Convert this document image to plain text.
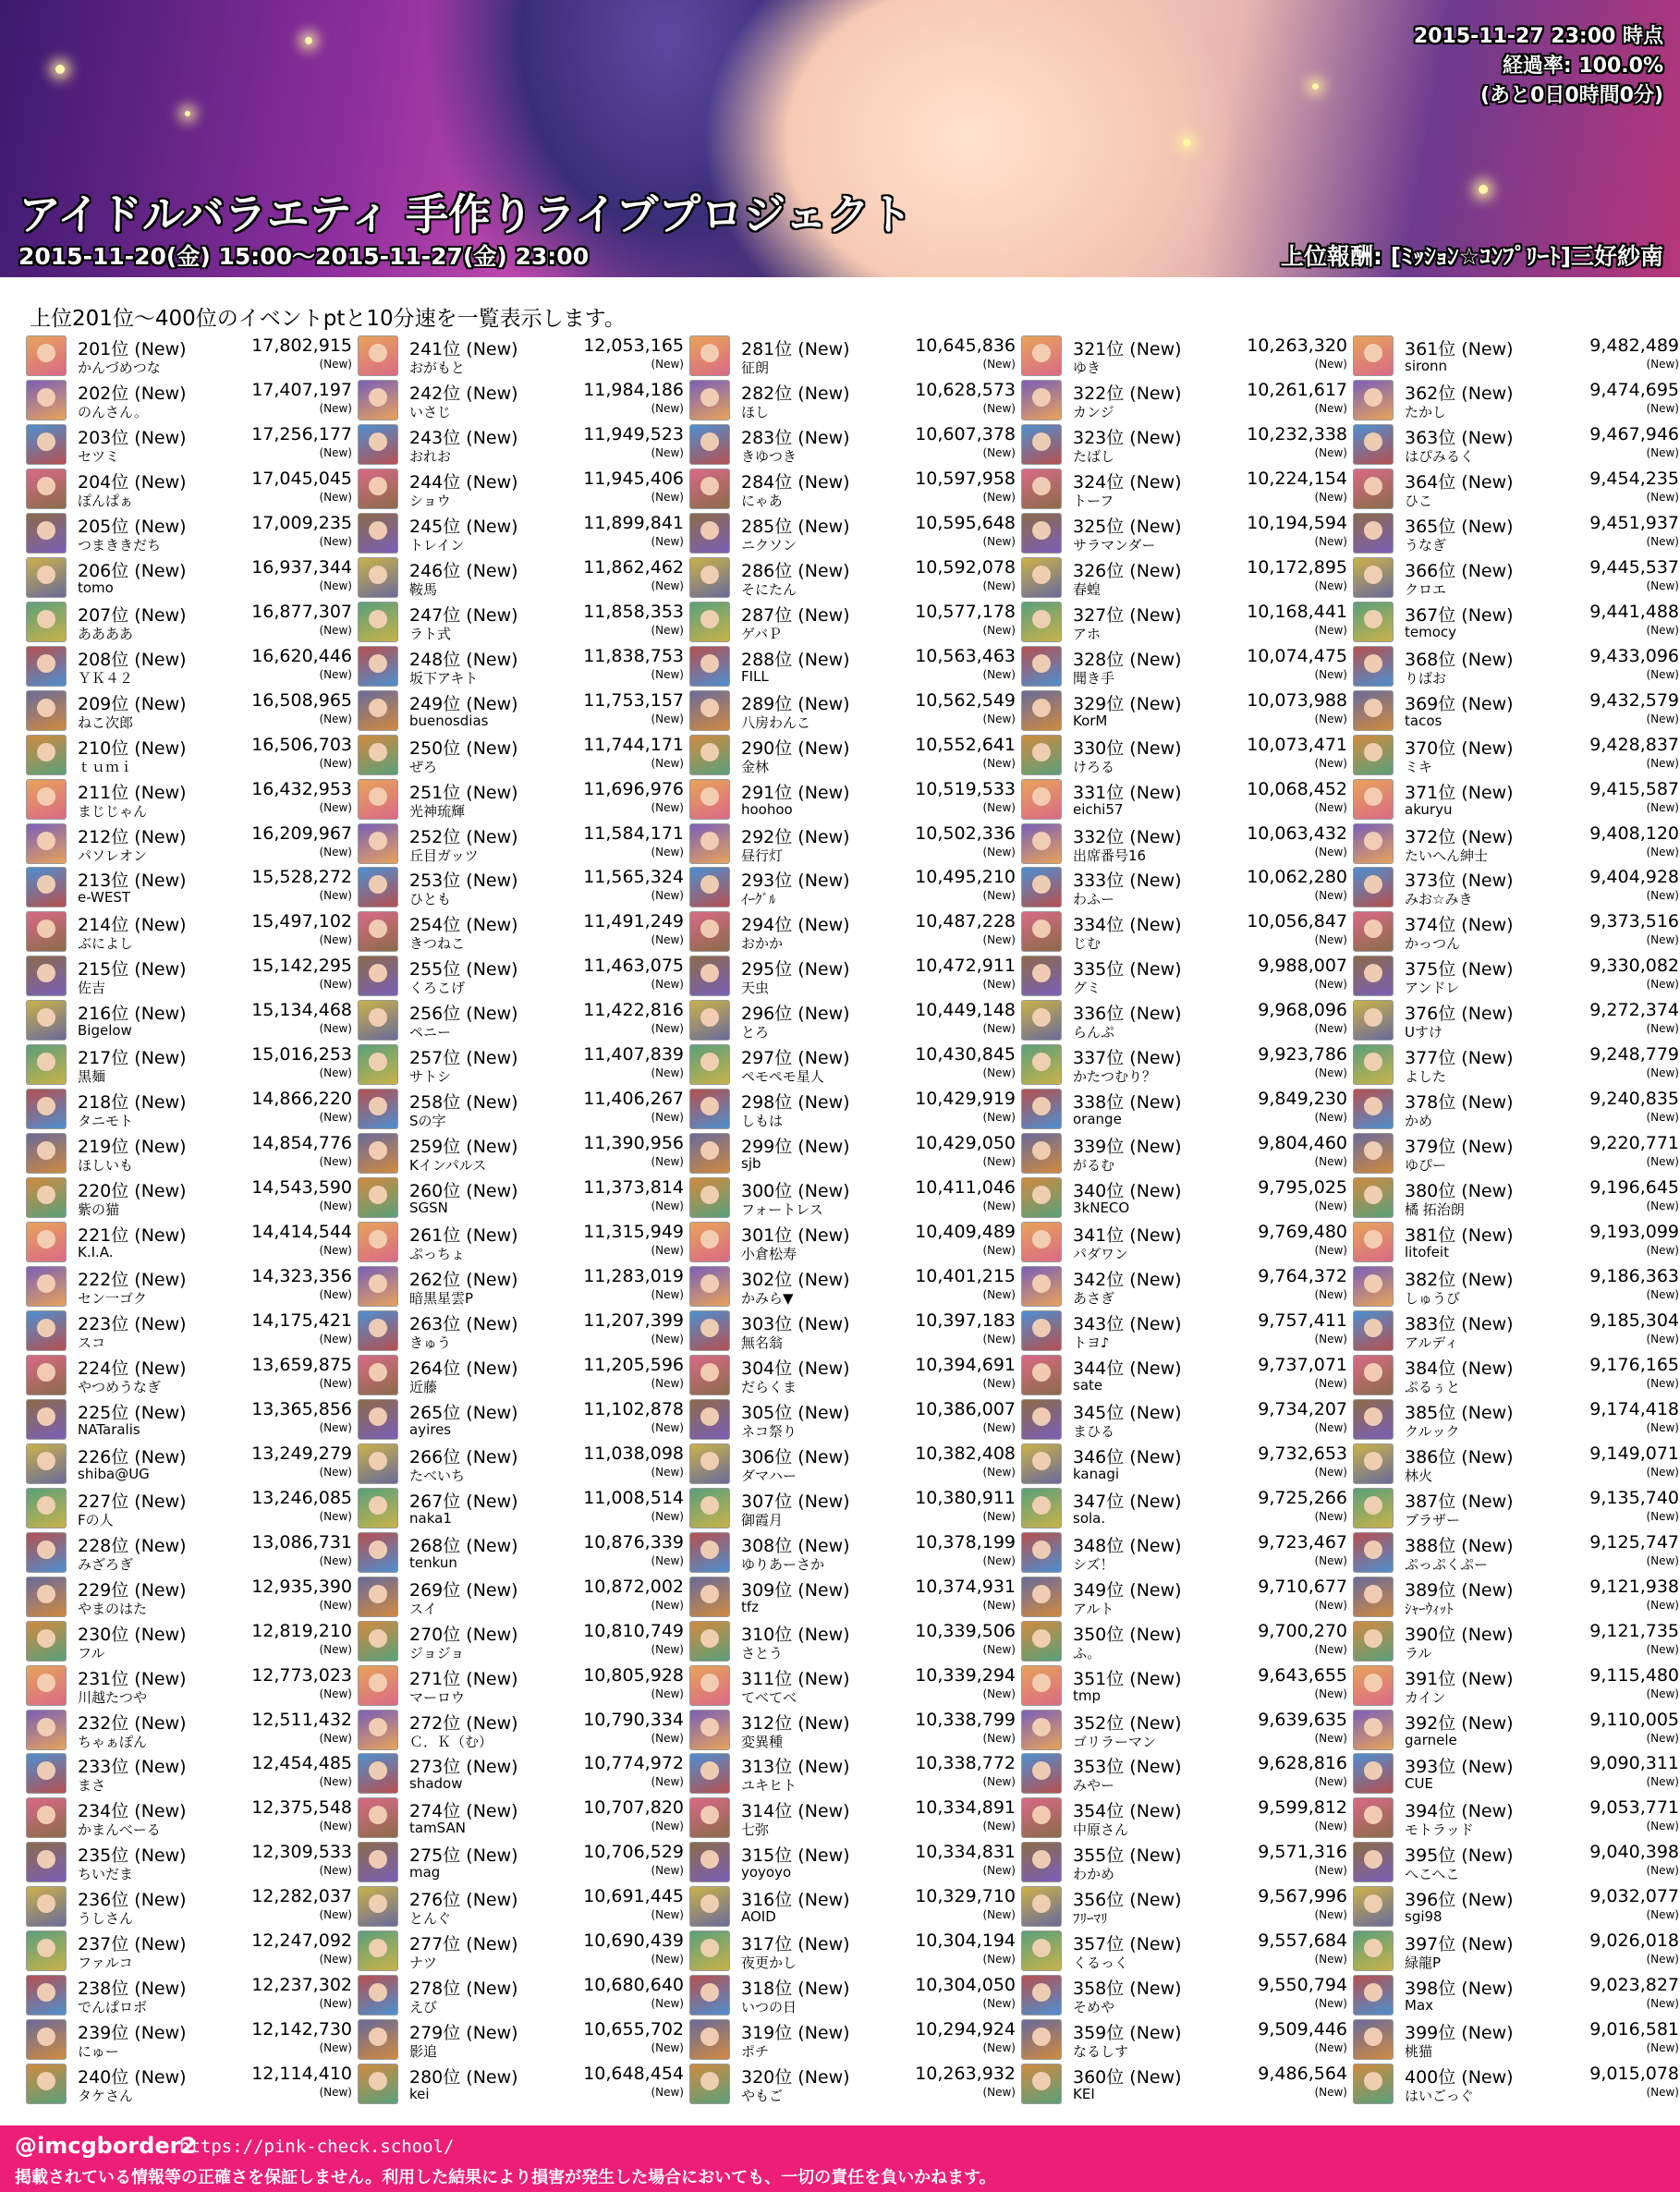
アイドルバラエティ 手作りライブプロジェクト
2015-11-20(金) 15:00～2015-11-27(金) 23:00	上位報酬: [ﾐｯｼｮﾝ☆ｺﾝﾌﾟﾘｰﾄ]三好紗南
2015-11-27 23:00 時点
経過率: 100.0%
(あと0日0時間0分)
上位201位～400位のイベントptと10分速を一覧表示します。
201位 (New)	17,802,915
かんづめつな	(New)
202位 (New)	17,407,197
のんさん。	(New)
203位 (New)	17,256,177
セツミ	(New)
204位 (New)	17,045,045
ぽんぱぁ	(New)
205位 (New)	17,009,235
つまききだち	(New)
206位 (New)	16,937,344
tomo	(New)
207位 (New)	16,877,307
ああああ	(New)
208位 (New)	16,620,446
ＹＫ４２	(New)
209位 (New)	16,508,965
ねこ次郎	(New)
210位 (New)	16,506,703
ｔｕｍｉ	(New)
211位 (New)	16,432,953
まじじゃん	(New)
212位 (New)	16,209,967
パソレオン	(New)
213位 (New)	15,528,272
e-WEST	(New)
214位 (New)	15,497,102
ぶによし	(New)
215位 (New)	15,142,295
佐吉	(New)
216位 (New)	15,134,468
Bigelow	(New)
217位 (New)	15,016,253
黒麺	(New)
218位 (New)	14,866,220
タニモト	(New)
219位 (New)	14,854,776
ほしいも	(New)
220位 (New)	14,543,590
紫の猫	(New)
221位 (New)	14,414,544
K.I.A.	(New)
222位 (New)	14,323,356
セン一ゴク	(New)
223位 (New)	14,175,421
スコ	(New)
224位 (New)	13,659,875
やつめうなぎ	(New)
225位 (New)	13,365,856
NATaralis	(New)
226位 (New)	13,249,279
shiba@UG	(New)
227位 (New)	13,246,085
Fの人	(New)
228位 (New)	13,086,731
みざろぎ	(New)
229位 (New)	12,935,390
やまのはた	(New)
230位 (New)	12,819,210
フル	(New)
231位 (New)	12,773,023
川越たつや	(New)
232位 (New)	12,511,432
ちゃぁぽん	(New)
233位 (New)	12,454,485
まさ	(New)
234位 (New)	12,375,548
かまんべーる	(New)
235位 (New)	12,309,533
ちいだま	(New)
236位 (New)	12,282,037
うしさん	(New)
237位 (New)	12,247,092
ファルコ	(New)
238位 (New)	12,237,302
でんぱロボ	(New)
239位 (New)	12,142,730
にゅー	(New)
240位 (New)	12,114,410
タケさん	(New)
241位 (New)	12,053,165
おがもと	(New)
242位 (New)	11,984,186
いさじ	(New)
243位 (New)	11,949,523
おれお	(New)
244位 (New)	11,945,406
ショウ	(New)
245位 (New)	11,899,841
トレイン	(New)
246位 (New)	11,862,462
鞍馬	(New)
247位 (New)	11,858,353
ラト式	(New)
248位 (New)	11,838,753
坂下アキト	(New)
249位 (New)	11,753,157
buenosdias	(New)
250位 (New)	11,744,171
ぜろ	(New)
251位 (New)	11,696,976
光神琉輝	(New)
252位 (New)	11,584,171
丘目ガッツ	(New)
253位 (New)	11,565,324
ひとも	(New)
254位 (New)	11,491,249
きつねこ	(New)
255位 (New)	11,463,075
くろこげ	(New)
256位 (New)	11,422,816
ペニー	(New)
257位 (New)	11,407,839
サトシ	(New)
258位 (New)	11,406,267
Sの字	(New)
259位 (New)	11,390,956
Kインパルス	(New)
260位 (New)	11,373,814
SGSN	(New)
261位 (New)	11,315,949
ぷっちょ	(New)
262位 (New)	11,283,019
暗黒星雲P	(New)
263位 (New)	11,207,399
きゅう	(New)
264位 (New)	11,205,596
近藤	(New)
265位 (New)	11,102,878
ayires	(New)
266位 (New)	11,038,098
たべいち	(New)
267位 (New)	11,008,514
naka1	(New)
268位 (New)	10,876,339
tenkun	(New)
269位 (New)	10,872,002
スイ	(New)
270位 (New)	10,810,749
ジョジョ	(New)
271位 (New)	10,805,928
マーロウ	(New)
272位 (New)	10,790,334
Ｃ．Ｋ（む）	(New)
273位 (New)	10,774,972
shadow	(New)
274位 (New)	10,707,820
tamSAN	(New)
275位 (New)	10,706,529
mag	(New)
276位 (New)	10,691,445
とんぐ	(New)
277位 (New)	10,690,439
ナツ	(New)
278位 (New)	10,680,640
えび	(New)
279位 (New)	10,655,702
影追	(New)
280位 (New)	10,648,454
kei	(New)
281位 (New)	10,645,836
征朗	(New)
282位 (New)	10,628,573
ほし	(New)
283位 (New)	10,607,378
きゆつき	(New)
284位 (New)	10,597,958
にゃあ	(New)
285位 (New)	10,595,648
ニクソン	(New)
286位 (New)	10,592,078
そにたん	(New)
287位 (New)	10,577,178
ゲバＰ	(New)
288位 (New)	10,563,463
FILL	(New)
289位 (New)	10,562,549
八房わんこ	(New)
290位 (New)	10,552,641
金林	(New)
291位 (New)	10,519,533
hoohoo	(New)
292位 (New)	10,502,336
昼行灯	(New)
293位 (New)	10,495,210
ｲｰｸﾞﾙ	(New)
294位 (New)	10,487,228
おかか	(New)
295位 (New)	10,472,911
天虫	(New)
296位 (New)	10,449,148
とろ	(New)
297位 (New)	10,430,845
ペモペモ星人	(New)
298位 (New)	10,429,919
しもは	(New)
299位 (New)	10,429,050
sjb	(New)
300位 (New)	10,411,046
フォートレス	(New)
301位 (New)	10,409,489
小倉松寿	(New)
302位 (New)	10,401,215
かみら▼	(New)
303位 (New)	10,397,183
無名翁	(New)
304位 (New)	10,394,691
だらくま	(New)
305位 (New)	10,386,007
ネコ祭り	(New)
306位 (New)	10,382,408
ダマハー	(New)
307位 (New)	10,380,911
御霞月	(New)
308位 (New)	10,378,199
ゆりあーさか	(New)
309位 (New)	10,374,931
tfz	(New)
310位 (New)	10,339,506
さとう	(New)
311位 (New)	10,339,294
てべてべ	(New)
312位 (New)	10,338,799
変異種	(New)
313位 (New)	10,338,772
ユキヒト	(New)
314位 (New)	10,334,891
七弥	(New)
315位 (New)	10,334,831
yoyoyo	(New)
316位 (New)	10,329,710
AOID	(New)
317位 (New)	10,304,194
夜更かし	(New)
318位 (New)	10,304,050
いつの日	(New)
319位 (New)	10,294,924
ポチ	(New)
320位 (New)	10,263,932
やもご	(New)
321位 (New)	10,263,320
ゆき	(New)
322位 (New)	10,261,617
カンジ	(New)
323位 (New)	10,232,338
たばし	(New)
324位 (New)	10,224,154
トーフ	(New)
325位 (New)	10,194,594
サラマンダー	(New)
326位 (New)	10,172,895
春蝗	(New)
327位 (New)	10,168,441
アホ	(New)
328位 (New)	10,074,475
聞き手	(New)
329位 (New)	10,073,988
KorM	(New)
330位 (New)	10,073,471
けろる	(New)
331位 (New)	10,068,452
eichi57	(New)
332位 (New)	10,063,432
出席番号16	(New)
333位 (New)	10,062,280
わふー	(New)
334位 (New)	10,056,847
じむ	(New)
335位 (New)	9,988,007
グミ	(New)
336位 (New)	9,968,096
らんぷ	(New)
337位 (New)	9,923,786
かたつむり？	(New)
338位 (New)	9,849,230
orange	(New)
339位 (New)	9,804,460
がるむ	(New)
340位 (New)	9,795,025
3kNECO	(New)
341位 (New)	9,769,480
パダワン	(New)
342位 (New)	9,764,372
あさぎ	(New)
343位 (New)	9,757,411
トヨ♪	(New)
344位 (New)	9,737,071
sate	(New)
345位 (New)	9,734,207
まひる	(New)
346位 (New)	9,732,653
kanagi	(New)
347位 (New)	9,725,266
sola.	(New)
348位 (New)	9,723,467
シズ！	(New)
349位 (New)	9,710,677
アルト	(New)
350位 (New)	9,700,270
ふ。	(New)
351位 (New)	9,643,655
tmp	(New)
352位 (New)	9,639,635
ゴリラーマン	(New)
353位 (New)	9,628,816
みやー	(New)
354位 (New)	9,599,812
中原さん	(New)
355位 (New)	9,571,316
わかめ	(New)
356位 (New)	9,567,996
ﾌﾘｰﾏﾘ	(New)
357位 (New)	9,557,684
くるっく	(New)
358位 (New)	9,550,794
そめや	(New)
359位 (New)	9,509,446
なるしす	(New)
360位 (New)	9,486,564
KEI	(New)
361位 (New)	9,482,489
sironn	(New)
362位 (New)	9,474,695
たかし	(New)
363位 (New)	9,467,946
はぴみるく	(New)
364位 (New)	9,454,235
ひこ	(New)
365位 (New)	9,451,937
うなぎ	(New)
366位 (New)	9,445,537
クロエ	(New)
367位 (New)	9,441,488
temocy	(New)
368位 (New)	9,433,096
りばお	(New)
369位 (New)	9,432,579
tacos	(New)
370位 (New)	9,428,837
ミキ	(New)
371位 (New)	9,415,587
akuryu	(New)
372位 (New)	9,408,120
たいへん紳士	(New)
373位 (New)	9,404,928
みお☆みき	(New)
374位 (New)	9,373,516
かっつん	(New)
375位 (New)	9,330,082
アンドレ	(New)
376位 (New)	9,272,374
Uすけ	(New)
377位 (New)	9,248,779
よした	(New)
378位 (New)	9,240,835
かめ	(New)
379位 (New)	9,220,771
ゆぴー	(New)
380位 (New)	9,196,645
橘 拓治朗	(New)
381位 (New)	9,193,099
litofeit	(New)
382位 (New)	9,186,363
しゅうび	(New)
383位 (New)	9,185,304
アルディ	(New)
384位 (New)	9,176,165
ぷるぅと	(New)
385位 (New)	9,174,418
クルック	(New)
386位 (New)	9,149,071
林火	(New)
387位 (New)	9,135,740
ブラザー	(New)
388位 (New)	9,125,747
ぷっぷくぷー	(New)
389位 (New)	9,121,938
ｼｬｰｳｨｯﾄ	(New)
390位 (New)	9,121,735
ラル	(New)
391位 (New)	9,115,480
カイン	(New)
392位 (New)	9,110,005
garnele	(New)
393位 (New)	9,090,311
CUE	(New)
394位 (New)	9,053,771
モトラッド	(New)
395位 (New)	9,040,398
へこへこ	(New)
396位 (New)	9,032,077
sgi98	(New)
397位 (New)	9,026,018
緑龍P	(New)
398位 (New)	9,023,827
Max	(New)
399位 (New)	9,016,581
桃猫	(New)
400位 (New)	9,015,078
はいごっぐ	(New)
@imcgborder2
https://pink-check.school/
掲載されている情報等の正確さを保証しません。利用した結果により損害が発生した場合においても、一切の責任を負いかねます。
